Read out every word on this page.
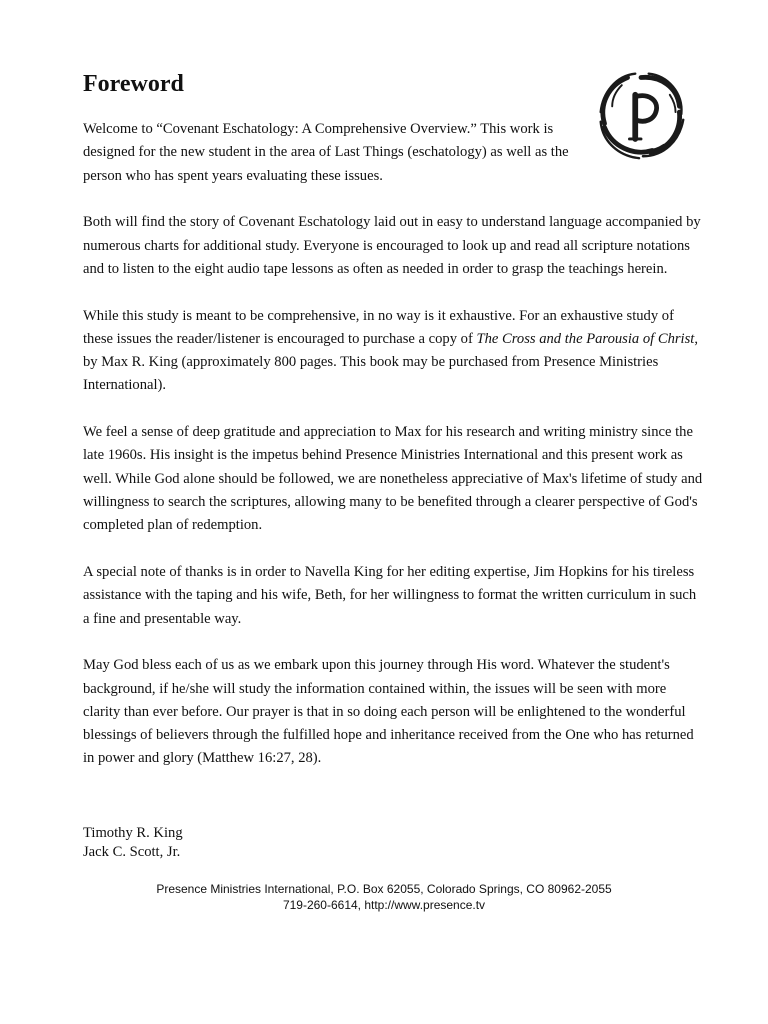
Foreword

Welcome to “Covenant Eschatology: A Comprehensive Overview.” This work is designed for the new student in the area of Last Things (eschatology) as well as the person who has spent years evaluating these issues.

Both will find the story of Covenant Eschatology laid out in easy to understand language accompanied by numerous charts for additional study. Everyone is encouraged to look up and read all scripture notations and to listen to the eight audio tape lessons as often as needed in order to grasp the teachings herein.

While this study is meant to be comprehensive, in no way is it exhaustive. For an exhaustive study of these issues the reader/listener is encouraged to purchase a copy of The Cross and the Parousia of Christ, by Max R. King (approximately 800 pages. This book may be purchased from Presence Ministries International).

We feel a sense of deep gratitude and appreciation to Max for his research and writing ministry since the late 1960s. His insight is the impetus behind Presence Ministries International and this present work as well. While God alone should be followed, we are nonetheless appreciative of Max's lifetime of study and willingness to search the scriptures, allowing many to be benefited through a clearer perspective of God's completed plan of redemption.

A special note of thanks is in order to Navella King for her editing expertise, Jim Hopkins for his tireless assistance with the taping and his wife, Beth, for her willingness to format the written curriculum in such a fine and presentable way.

May God bless each of us as we embark upon this journey through His word. Whatever the student's background, if he/she will study the information contained within, the issues will be seen with more clarity than ever before. Our prayer is that in so doing each person will be enlightened to the wonderful blessings of believers through the fulfilled hope and inheritance received from the One who has returned in power and glory (Matthew 16:27, 28).

Timothy R. King
Jack C. Scott, Jr.
Presence Ministries International, P.O. Box 62055, Colorado Springs, CO 80962-2055
719-260-6614, http://www.presence.tv
